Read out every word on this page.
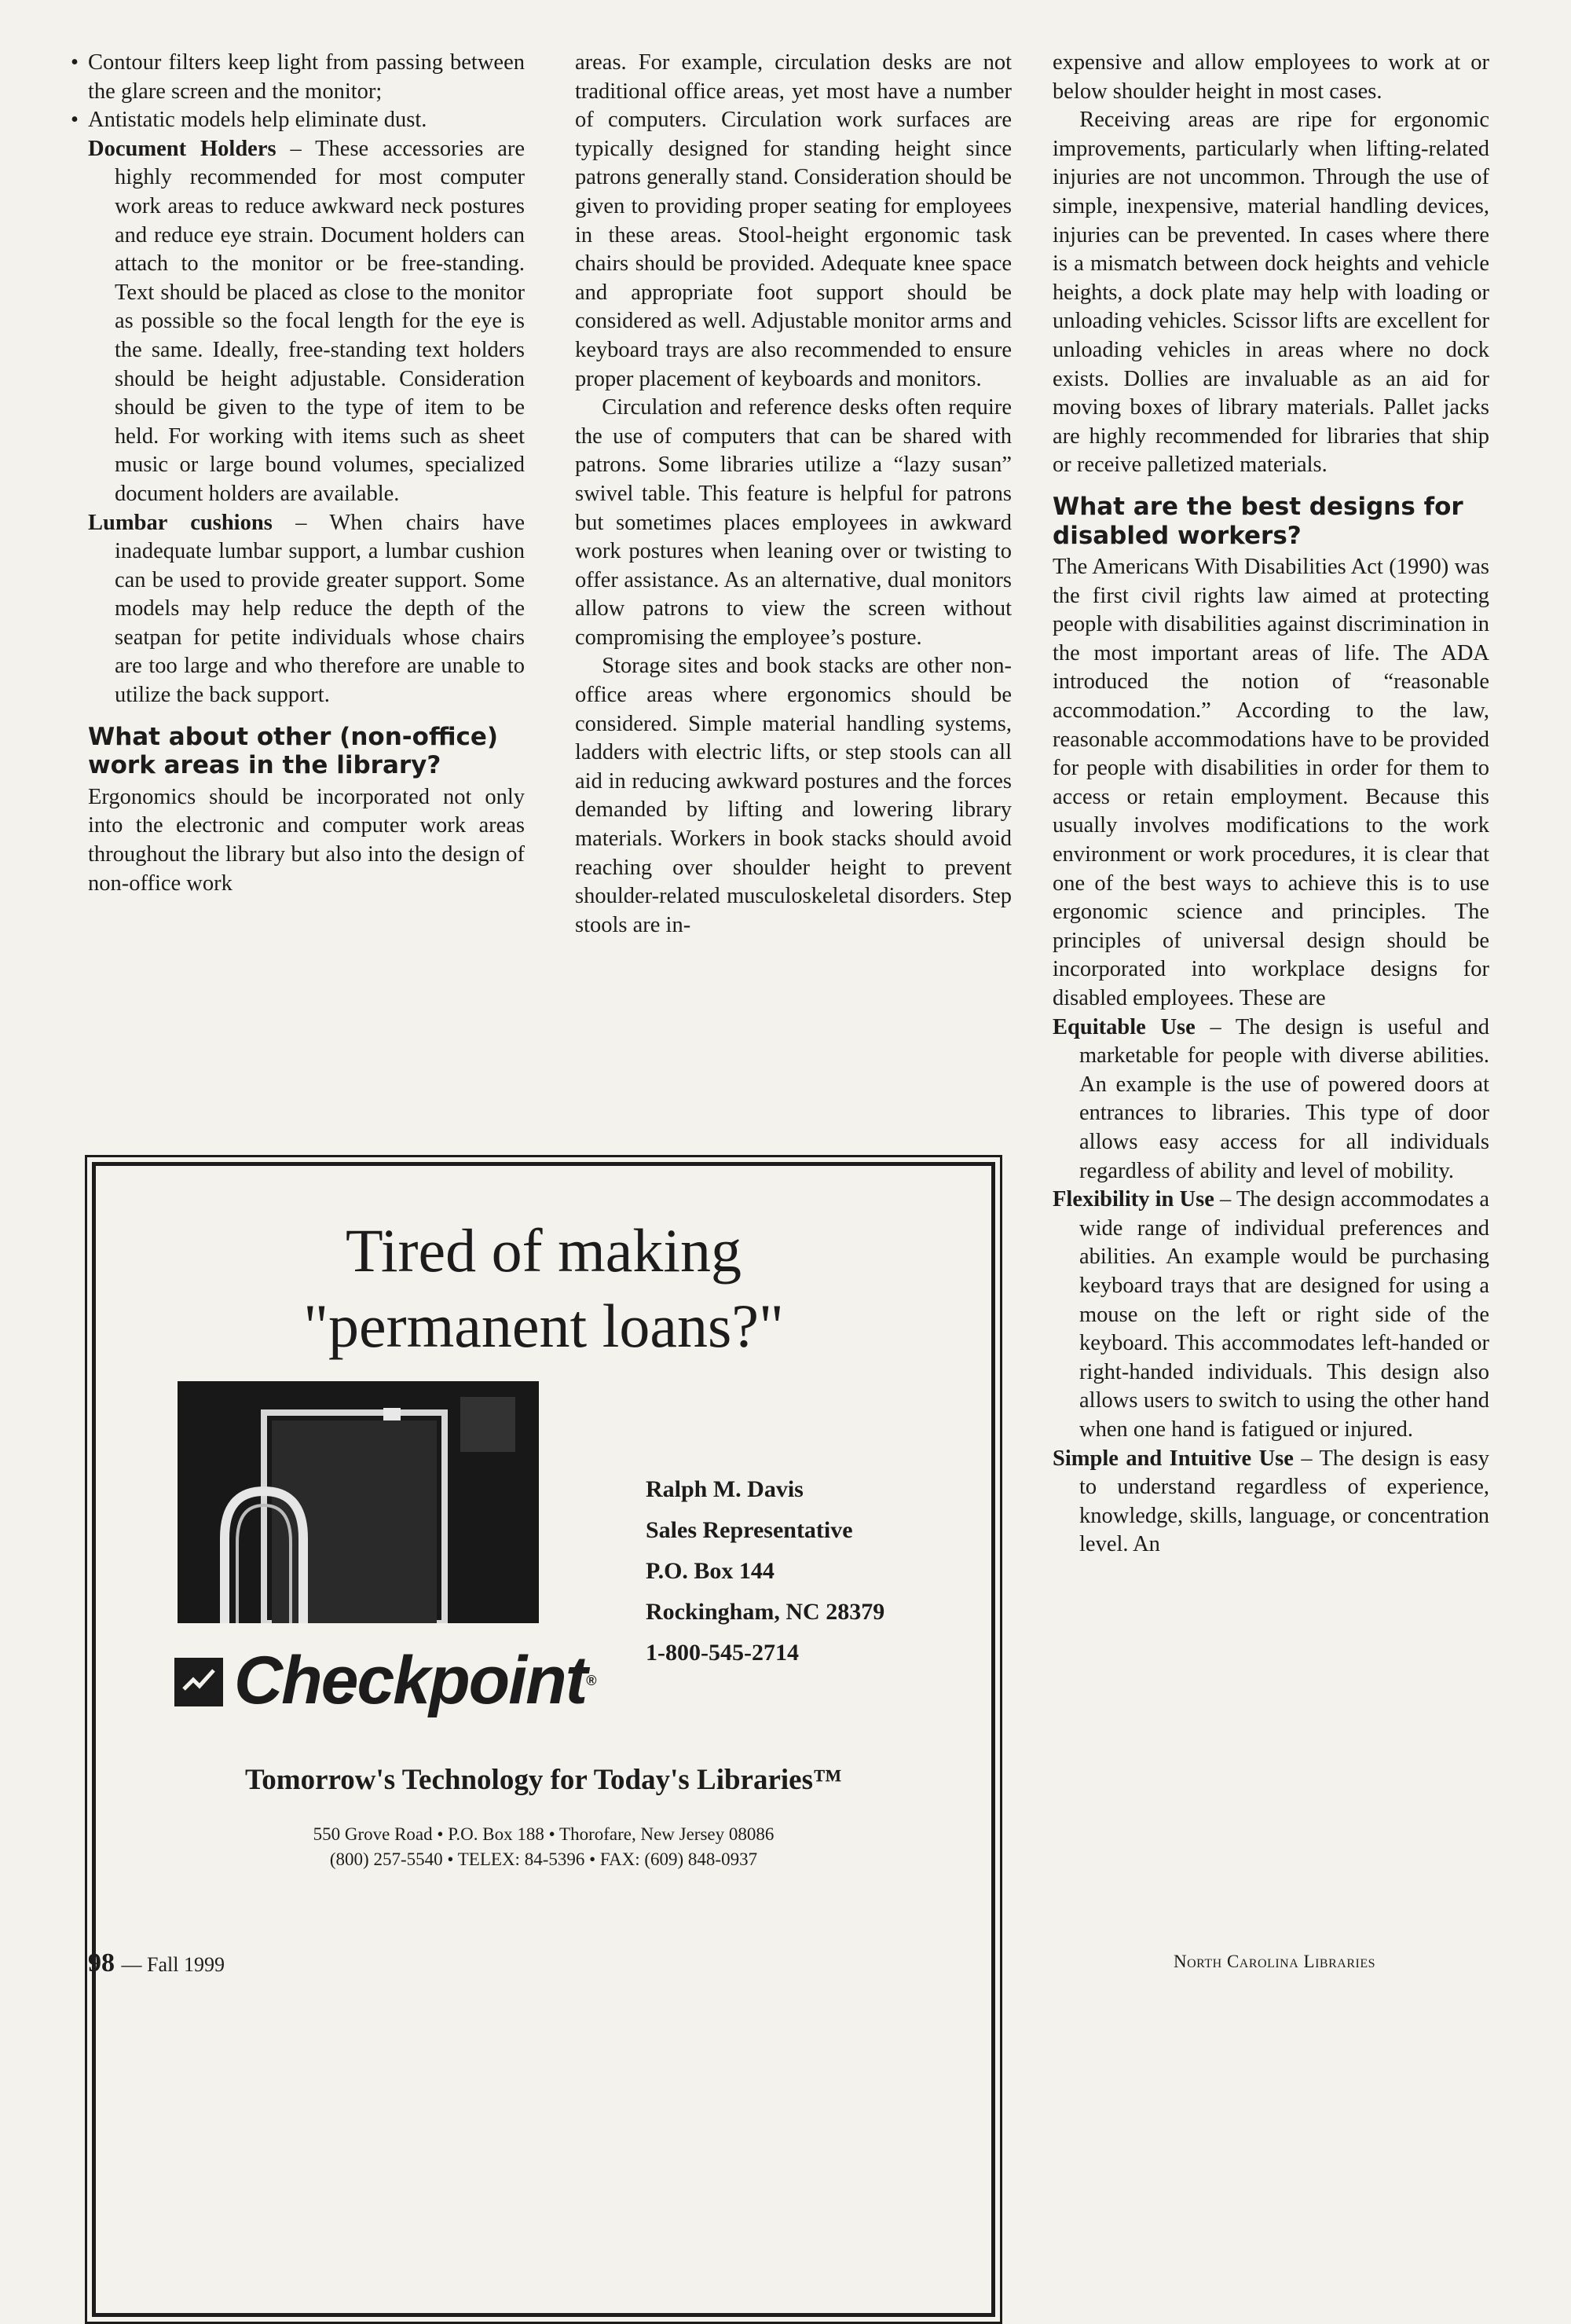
• Contour filters keep light from passing between the glare screen and the monitor;

• Antistatic models help eliminate dust.

Document Holders – These accessories are highly recommended for most computer work areas to reduce awkward neck postures and reduce eye strain. Document holders can attach to the monitor or be free-standing. Text should be placed as close to the monitor as possible so the focal length for the eye is the same. Ideally, free-standing text holders should be height adjustable. Consideration should be given to the type of item to be held. For working with items such as sheet music or large bound volumes, specialized document holders are available.

Lumbar cushions – When chairs have inadequate lumbar support, a lumbar cushion can be used to provide greater support. Some models may help reduce the depth of the seatpan for petite individuals whose chairs are too large and who therefore are unable to utilize the back support.

What about other (non-office) work areas in the library?

Ergonomics should be incorporated not only into the electronic and computer work areas throughout the library but also into the design of non-office work

areas. For example, circulation desks are not traditional office areas, yet most have a number of computers. Circulation work surfaces are typically designed for standing height since patrons generally stand. Consideration should be given to providing proper seating for employees in these areas. Stool-height ergonomic task chairs should be provided. Adequate knee space and appropriate foot support should be considered as well. Adjustable monitor arms and keyboard trays are also recommended to ensure proper placement of keyboards and monitors.

Circulation and reference desks often require the use of computers that can be shared with patrons. Some libraries utilize a “lazy susan” swivel table. This feature is helpful for patrons but sometimes places employees in awkward work postures when leaning over or twisting to offer assistance. As an alternative, dual monitors allow patrons to view the screen without compromising the employee’s posture.

Storage sites and book stacks are other non-office areas where ergonomics should be considered. Simple material handling systems, ladders with electric lifts, or step stools can all aid in reducing awkward postures and the forces demanded by lifting and lowering library materials. Workers in book stacks should avoid reaching over shoulder height to prevent shoulder-related musculoskeletal disorders. Step stools are in-

expensive and allow employees to work at or below shoulder height in most cases.

Receiving areas are ripe for ergonomic improvements, particularly when lifting-related injuries are not uncommon. Through the use of simple, inexpensive, material handling devices, injuries can be prevented. In cases where there is a mismatch between dock heights and vehicle heights, a dock plate may help with loading or unloading vehicles. Scissor lifts are excellent for unloading vehicles in areas where no dock exists. Dollies are invaluable as an aid for moving boxes of library materials. Pallet jacks are highly recommended for libraries that ship or receive palletized materials.

What are the best designs for disabled workers?

The Americans With Disabilities Act (1990) was the first civil rights law aimed at protecting people with disabilities against discrimination in the most important areas of life. The ADA introduced the notion of “reasonable accommodation.” According to the law, reasonable accommodations have to be provided for people with disabilities in order for them to access or retain employment. Because this usually involves modifications to the work environment or work procedures, it is clear that one of the best ways to achieve this is to use ergonomic science and principles. The principles of universal design should be incorporated into workplace designs for disabled employees. These are

Equitable Use – The design is useful and marketable for people with diverse abilities. An example is the use of powered doors at entrances to libraries. This type of door allows easy access for all individuals regardless of ability and level of mobility.

Flexibility in Use – The design accommodates a wide range of individual preferences and abilities. An example would be purchasing keyboard trays that are designed for using a mouse on the left or right side of the keyboard. This accommodates left-handed or right-handed individuals. This design also allows users to switch to using the other hand when one hand is fatigued or injured.

Simple and Intuitive Use – The design is easy to understand regardless of experience, knowledge, skills, language, or concentration level. An

Tired of making
"permanent loans?"
Ralph M. Davis
Sales Representative
P.O. Box 144
Rockingham, NC 28379
1-800-545-2714
Checkpoint®
Tomorrow's Technology for Today's Libraries™
550 Grove Road • P.O. Box 188 • Thorofare, New Jersey 08086
(800) 257-5540 • TELEX: 84-5396 • FAX: (609) 848-0937
98 — Fall 1999	North Carolina Libraries
